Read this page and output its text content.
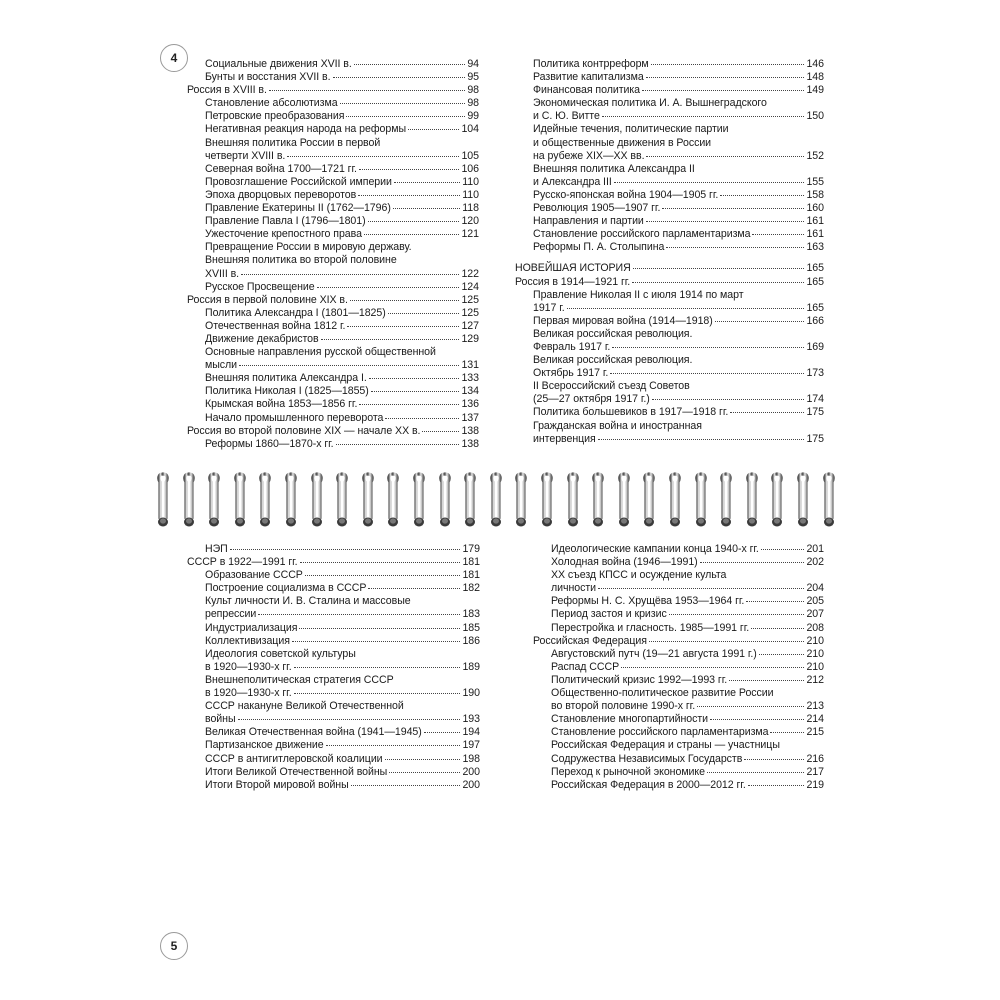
4	Социальные движения XVII в.	94
Бунты и восстания XVII в.	95
Россия в XVIII в.	98
Становление абсолютизма	98
Петровские преобразования	99
Негативная реакция народа на реформы	104
Внешняя политика России в первой
четверти XVIII в.	105
Северная война 1700—1721 гг.	106
Провозглашение Российской империи	110
Эпоха дворцовых переворотов	110
Правление Екатерины II (1762—1796)	118
Правление Павла I (1796—1801)	120
Ужесточение крепостного права	121
Превращение России в мировую державу.
Внешняя политика во второй половине
XVIII в.	122
Русское Просвещение	124
Россия в первой половине XIX в.	125
Политика Александра I (1801—1825)	125
Отечественная война 1812 г.	127
Движение декабристов	129
Основные направления русской общественной
мысли	131
Внешняя политика Александра I.	133
Политика Николая I (1825—1855)	134
Крымская война 1853—1856 гг.	136
Начало промышленного переворота	137
Россия во второй половине XIX — начале XX в.	138
Реформы 1860—1870-х гг.	138
Политика контрреформ	146
Развитие капитализма	148
Финансовая политика	149
Экономическая политика И. А. Вышнеградского
и С. Ю. Витте	150
Идейные течения, политические партии
и общественные движения в России
на рубеже XIX—XX вв.	152
Внешняя политика Александра II
и Александра III	155
Русско-японская война 1904—1905 гг.	158
Революция 1905—1907 гг.	160
Направления и партии	161
Становление российского парламентаризма	161
Реформы П. А. Столыпина	163
НОВЕЙШАЯ ИСТОРИЯ	165
Россия в 1914—1921 гг.	165
Правление Николая II с июля 1914 по март
1917 г.	165
Первая мировая война (1914—1918)	166
Великая российская революция.
Февраль 1917 г.	169
Великая российская революция.
Октябрь 1917 г.	173
II Всероссийский съезд Советов
(25—27 октября 1917 г.)	174
Политика большевиков в 1917—1918 гг.	175
Гражданская война и иностранная
интервенция	175
НЭП	179
СССР в 1922—1991 гг.	181
Образование СССР	181
Построение социализма в СССР	182
Культ личности И. В. Сталина и массовые
репрессии	183
Индустриализация	185
Коллективизация	186
Идеология советской культуры
в 1920—1930-х гг.	189
Внешнеполитическая стратегия СССР
в 1920—1930-х гг.	190
СССР накануне Великой Отечественной
войны	193
Великая Отечественная война (1941—1945)	194
Партизанское движение	197
СССР в антигитлеровской коалиции	198
Итоги Великой Отечественной войны	200
Итоги Второй мировой войны	200
Идеологические кампании конца 1940-х гг.	201
Холодная война (1946—1991)	202
XX съезд КПСС и осуждение культа
личности	204
Реформы Н. С. Хрущёва 1953—1964 гг.	205
Период застоя и кризис	207
Перестройка и гласность. 1985—1991 гг.	208
Российская Федерация	210
Августовский путч (19—21 августа 1991 г.)	210
Распад СССР	210
Политический кризис 1992—1993 гг.	212
Общественно-политическое развитие России
во второй половине 1990-х гг.	213
Становление многопартийности	214
Становление российского парламентаризма	215
Российская Федерация и страны — участницы
Содружества Независимых Государств	216
Переход к рыночной экономике	217
Российская Федерация в 2000—2012 гг.	219
5
